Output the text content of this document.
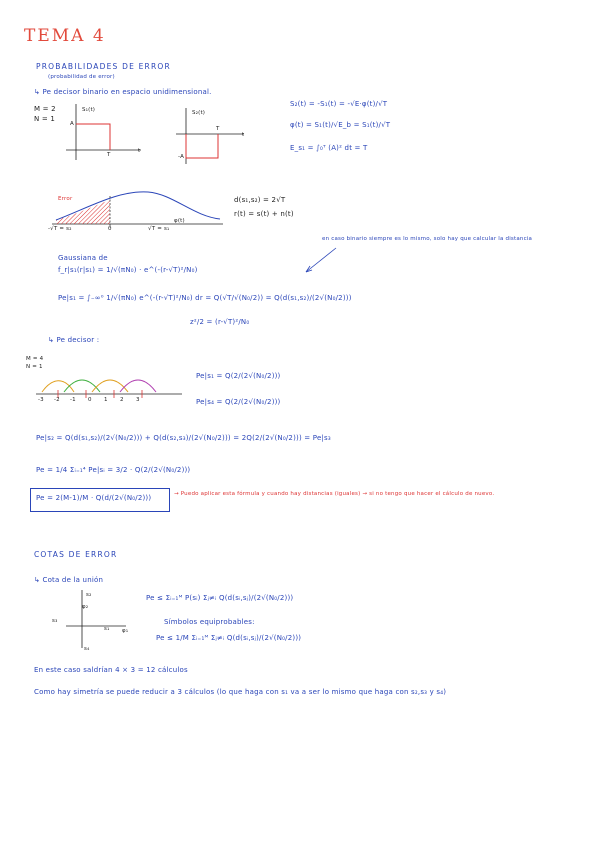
TEMA 4
PROBABILIDADES DE ERROR
(probabilidad de error)
↳ Pe decisor binario en espacio unidimensional.
M = 2
N = 1
S₁(t)
A
T
t
S₂(t)
-A
T
t
S₂(t) = -S₁(t) = -√E·φ(t)/√T
φ(t) = S₁(t)/√E_b = S₁(t)/√T
E_s₁ = ∫₀ᵀ (A)² dt = T
Error
-√T = s₂	0	√T = s₁
φ(t)
d(s₁,s₂) = 2√T
r(t) = s(t) + n(t)
Gaussiana de
f_r|s₁(r|s₁) = 1/√(πN₀) · e^(-(r-√T)²/N₀)
Pe|s₁ = ∫₋∞⁰ 1/√(πN₀) e^(-(r-√T)²/N₀) dr = Q(√T/√(N₀/2)) = Q(d(s₁,s₂)/(2√(N₀/2)))
z²/2 = (r-√T)²/N₀
en caso binario siempre es lo mismo, solo hay que calcular la distancia
↳ Pe decisor :
M = 4
N = 1
-3 -2 -1 0 1 2 3
Pe|s₁ = Q(2/(2√(N₀/2)))
Pe|s₄ = Q(2/(2√(N₀/2)))
Pe|s₂ = Q(d(s₁,s₂)/(2√(N₀/2))) + Q(d(s₂,s₃)/(2√(N₀/2))) = 2Q(2/(2√(N₀/2))) = Pe|s₃
Pe = 1/4 Σᵢ₌₁⁴ Pe|sᵢ = 3/2 · Q(2/(2√(N₀/2)))
Pe = 2(M-1)/M · Q(d/(2√(N₀/2)))	→ Puedo aplicar esta fórmula y cuando hay distancias (iguales) → si no tengo que hacer el cálculo de nuevo.
COTAS DE ERROR
↳ Cota de la unión
s₂
s₃
s₁
s₄
φ₁
φ₂
Pe ≤ Σᵢ₌₁ᴹ P(sᵢ) Σⱼ≠ᵢ Q(d(sᵢ,sⱼ)/(2√(N₀/2)))
Símbolos equiprobables:
Pe ≤ 1/M Σᵢ₌₁ᴹ Σⱼ≠ᵢ Q(d(sᵢ,sⱼ)/(2√(N₀/2)))
En este caso saldrían 4 × 3 = 12 cálculos
Como hay simetría se puede reducir a 3 cálculos (lo que haga con s₁ va a ser lo mismo que haga con s₂,s₃ y s₄)
